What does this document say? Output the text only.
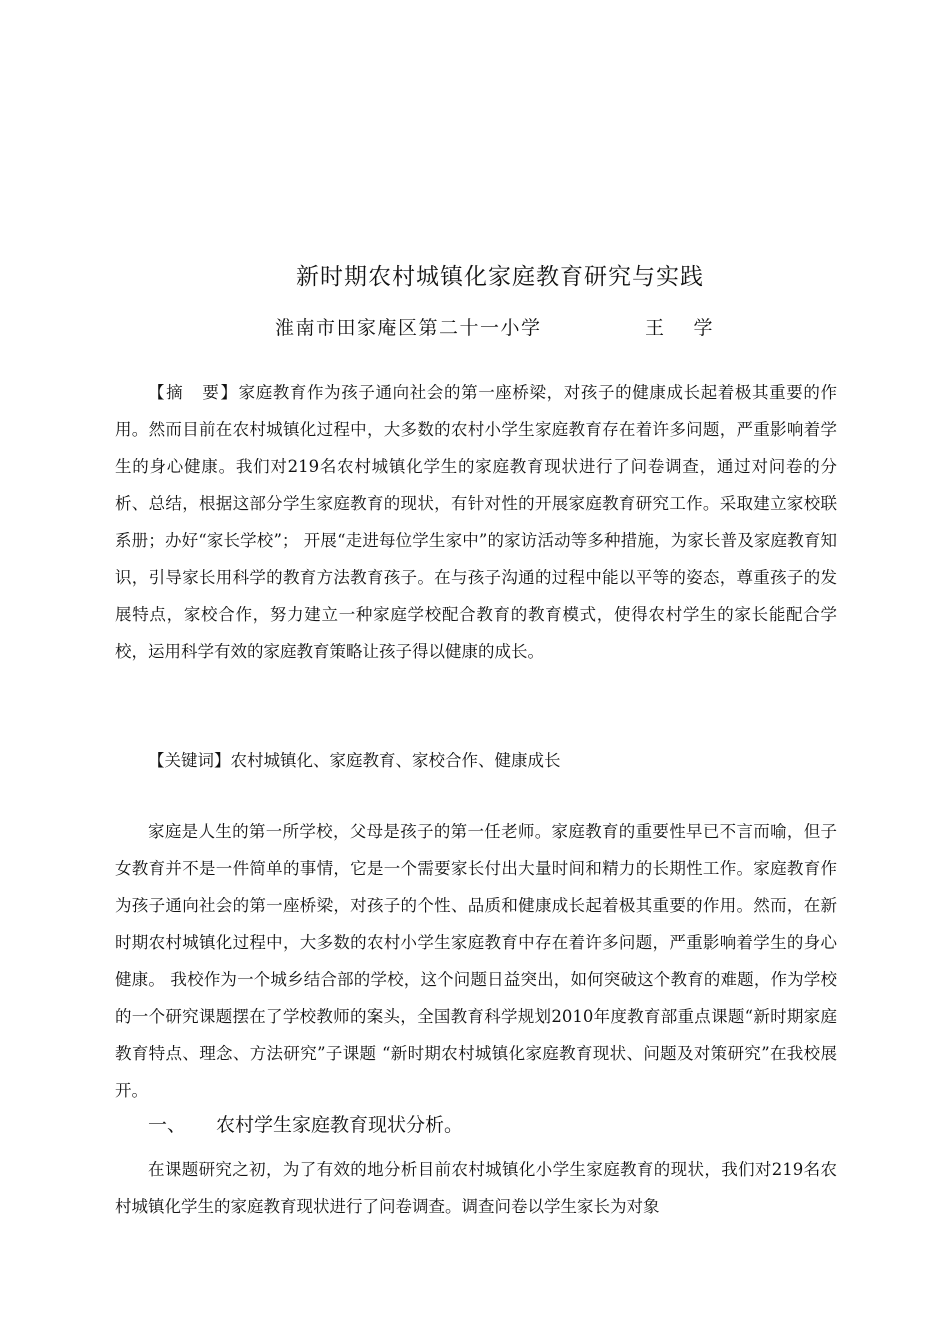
新时期农村城镇化家庭教育研究与实践
淮南市田家庵区第二十一小学	王　 学

【摘　要】家庭教育作为孩子通向社会的第一座桥梁，对孩子的健康成长起着极其重要的作用。然而目前在农村城镇化过程中，大多数的农村小学生家庭教育存在着许多问题，严重影响着学生的身心健康。我们对219名农村城镇化学生的家庭教育现状进行了问卷调查，通过对问卷的分析、总结，根据这部分学生家庭教育的现状，有针对性的开展家庭教育研究工作。采取建立家校联系册；办好“家长学校”； 开展“走进每位学生家中”的家访活动等多种措施，为家长普及家庭教育知识，引导家长用科学的教育方法教育孩子。在与孩子沟通的过程中能以平等的姿态，尊重孩子的发展特点，家校合作，努力建立一种家庭学校配合教育的教育模式，使得农村学生的家长能配合学校，运用科学有效的家庭教育策略让孩子得以健康的成长。

【关键词】农村城镇化、家庭教育、家校合作、健康成长

家庭是人生的第一所学校，父母是孩子的第一任老师。家庭教育的重要性早已不言而喻，但子女教育并不是一件简单的事情，它是一个需要家长付出大量时间和精力的长期性工作。家庭教育作为孩子通向社会的第一座桥梁，对孩子的个性、品质和健康成长起着极其重要的作用。然而，在新时期农村城镇化过程中，大多数的农村小学生家庭教育中存在着许多问题，严重影响着学生的身心健康。 我校作为一个城乡结合部的学校，这个问题日益突出，如何突破这个教育的难题，作为学校的一个研究课题摆在了学校教师的案头，全国教育科学规划2010年度教育部重点课题“新时期家庭教育特点、理念、方法研究”子课题 “新时期农村城镇化家庭教育现状、问题及对策研究”在我校展开。

一、 农村学生家庭教育现状分析。

在课题研究之初，为了有效的地分析目前农村城镇化小学生家庭教育的现状，我们对219名农村城镇化学生的家庭教育现状进行了问卷调查。调查问卷以学生家长为对象
